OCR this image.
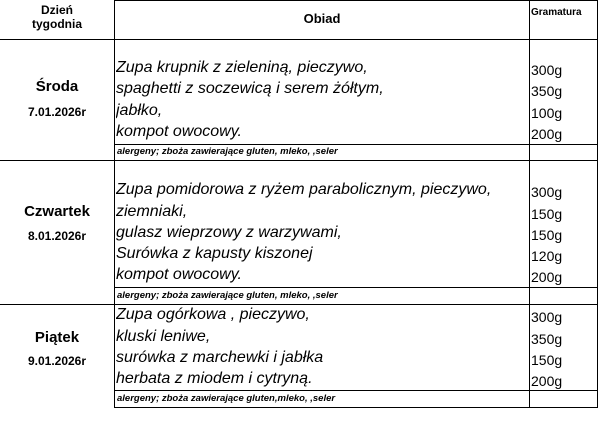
Dzień
tygodnia	Obiad	Gramatura
Środa
7.01.2026r
Zupa krupnik z zieleniną, pieczywo,
spaghetti z soczewicą i serem żółtym,
jabłko,
kompot owocowy.
300g
350g
100g
200g
alergeny; zboża zawierające gluten, mleko, ,seler
Czwartek
8.01.2026r
Zupa pomidorowa z ryżem parabolicznym, pieczywo,
ziemniaki,
gulasz wieprzowy z warzywami,
Surówka z kapusty kiszonej
kompot owocowy.
300g
150g
150g
120g
200g
alergeny; zboża zawierające gluten, mleko, ,seler
Piątek
9.01.2026r
Zupa ogórkowa , pieczywo,
kluski leniwe,
surówka z marchewki i jabłka
herbata z miodem i cytryną.
300g
350g
150g
200g
alergeny; zboża zawierające gluten,mleko, ,seler
